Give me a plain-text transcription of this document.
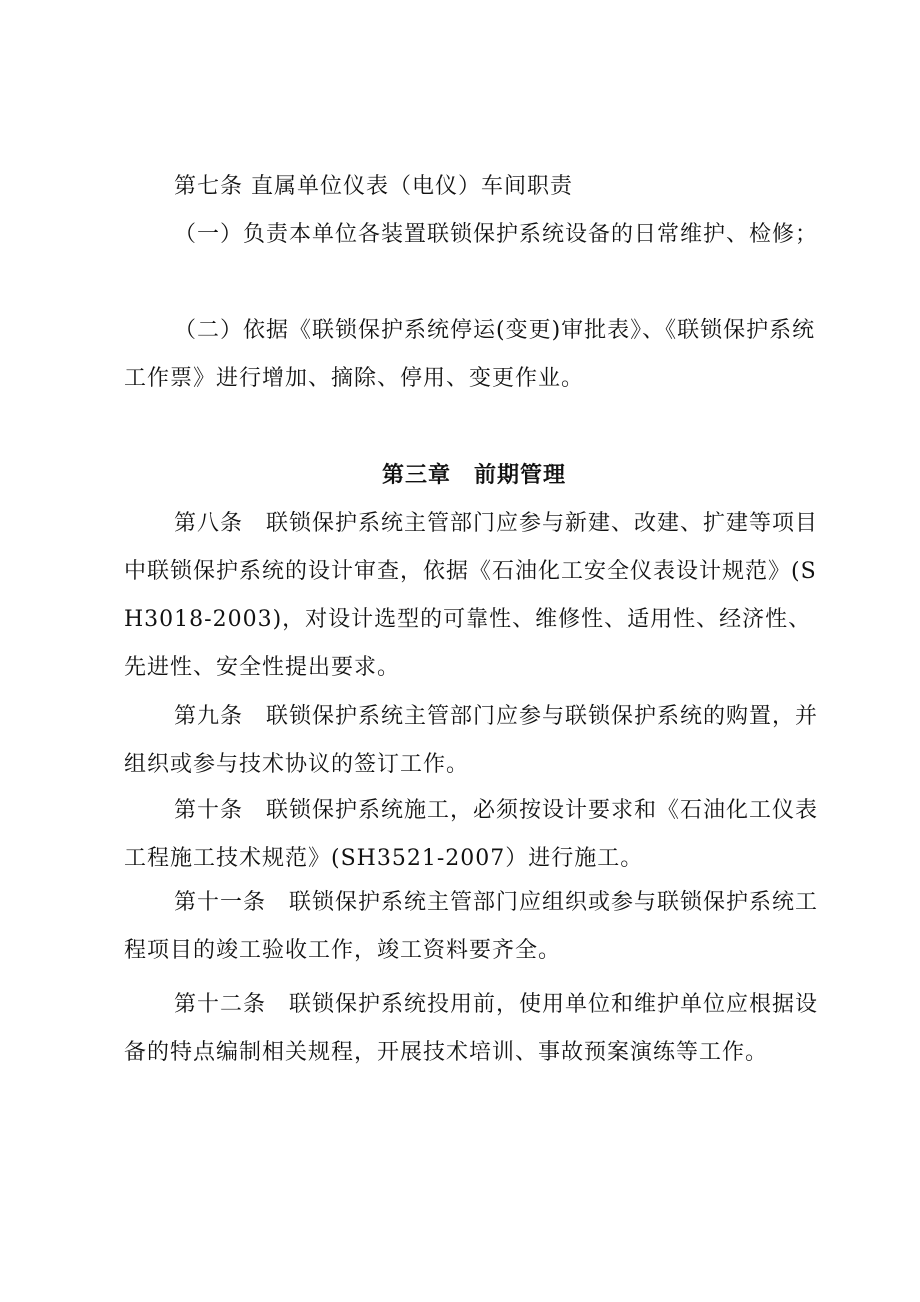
第七条 直属单位仪表（电仪）车间职责

（一）负责本单位各装置联锁保护系统设备的日常维护、检修；

（二）依据《联锁保护系统停运(变更)审批表》、《联锁保护系统工作票》进行增加、摘除、停用、变更作业。

第三章　前期管理

第八条　联锁保护系统主管部门应参与新建、改建、扩建等项目中联锁保护系统的设计审查，依据《石油化工安全仪表设计规范》(SH3018-2003)，对设计选型的可靠性、维修性、适用性、经济性、先进性、安全性提出要求。

第九条　联锁保护系统主管部门应参与联锁保护系统的购置，并组织或参与技术协议的签订工作。

第十条　联锁保护系统施工，必须按设计要求和《石油化工仪表工程施工技术规范》(SH3521-2007）进行施工。

第十一条　联锁保护系统主管部门应组织或参与联锁保护系统工程项目的竣工验收工作，竣工资料要齐全。

第十二条　联锁保护系统投用前，使用单位和维护单位应根据设备的特点编制相关规程，开展技术培训、事故预案演练等工作。
